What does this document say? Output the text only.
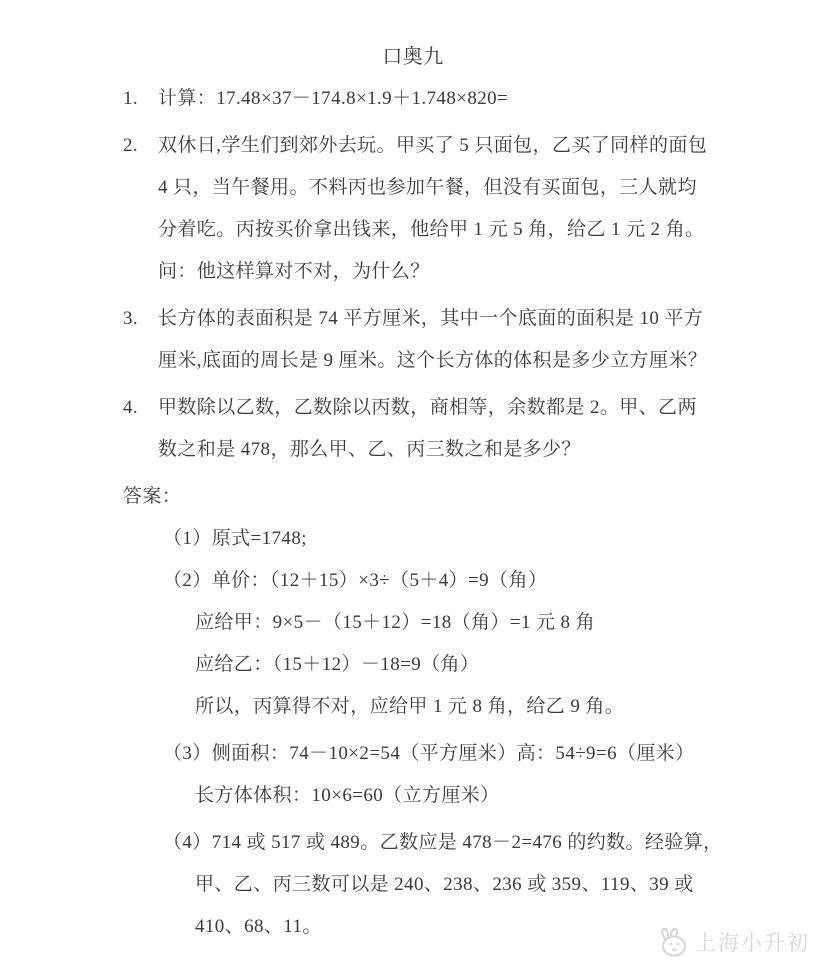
口奥九
1. 计算：17.48×37－174.8×1.9＋1.748×820=
2. 双休日,学生们到郊外去玩。甲买了 5 只面包，乙买了同样的面包
4 只，当午餐用。不料丙也参加午餐，但没有买面包，三人就均
分着吃。丙按买价拿出钱来，他给甲 1 元 5 角，给乙 1 元 2 角。
问：他这样算对不对，为什么？
3. 长方体的表面积是 74 平方厘米，其中一个底面的面积是 10 平方
厘米,底面的周长是 9 厘米。这个长方体的体积是多少立方厘米？
4. 甲数除以乙数，乙数除以丙数，商相等，余数都是 2。甲、乙两
数之和是 478，那么甲、乙、丙三数之和是多少？
答案：
（1）原式=1748;
（2）单价：（12＋15）×3÷（5＋4）=9（角）
应给甲：9×5－（15＋12）=18（角）=1 元 8 角
应给乙：（15＋12）－18=9（角）
所以，丙算得不对，应给甲 1 元 8 角，给乙 9 角。
（3）侧面积：74－10×2=54（平方厘米）高：54÷9=6（厘米）
长方体体积：10×6=60（立方厘米）
（4）714 或 517 或 489。乙数应是 478－2=476 的约数。经验算，
甲、乙、丙三数可以是 240、238、236 或 359、119、39 或
410、68、11。
上海小升初
